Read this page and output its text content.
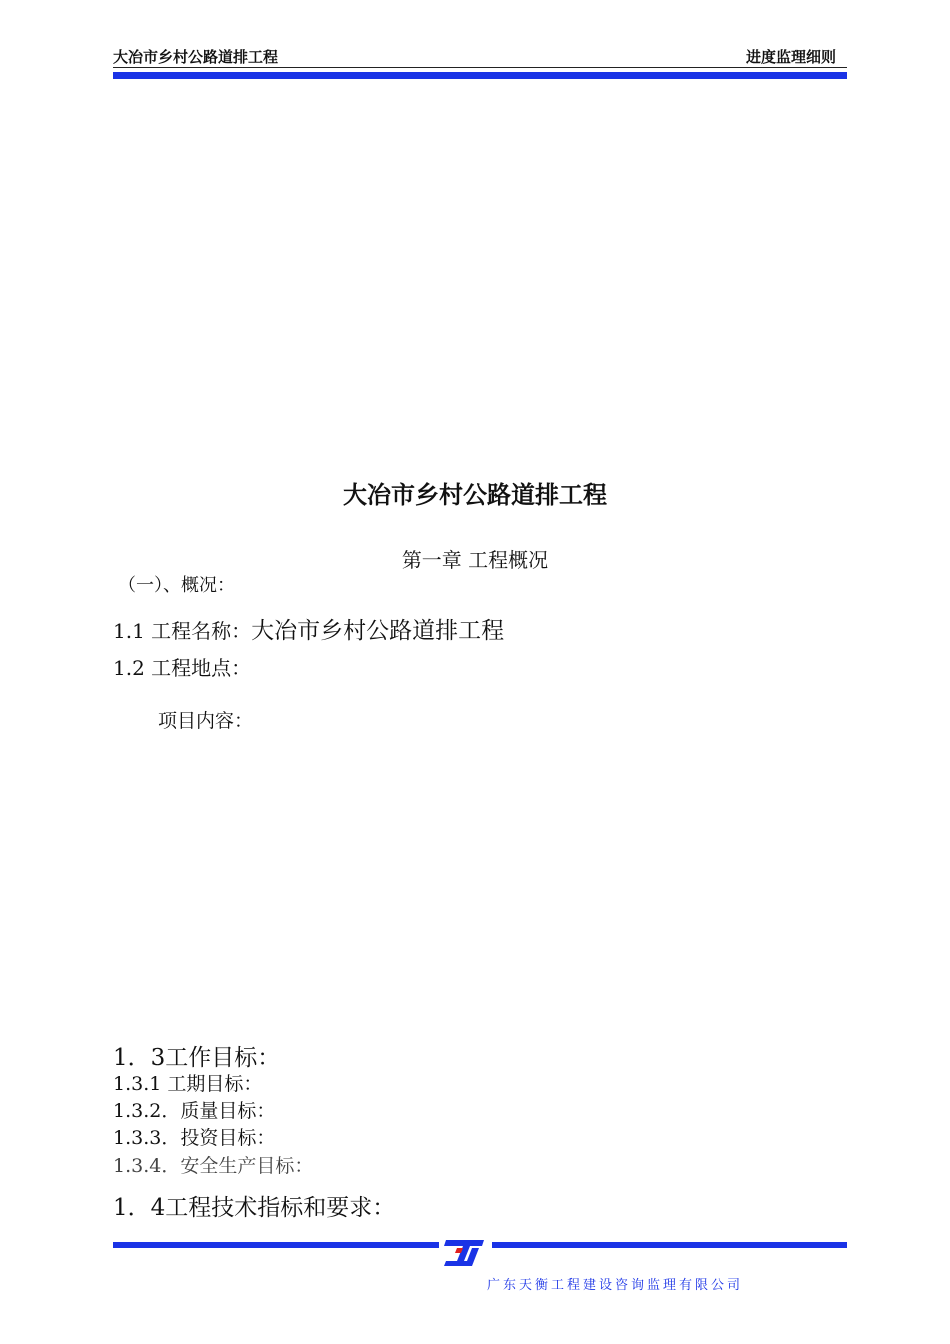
大冶市乡村公路道排工程	进度监理细则
大冶市乡村公路道排工程
第一章 工程概况
（一）、概况：
1.1 工程名称：大冶市乡村公路道排工程
1.2 工程地点：
项目内容：
1．3工作目标：
1.3.1 工期目标：
1.3.2．质量目标：
1.3.3．投资目标：
1.3.4．安全生产目标：
1．4工程技术指标和要求：
广东天衡工程建设咨询监理有限公司
